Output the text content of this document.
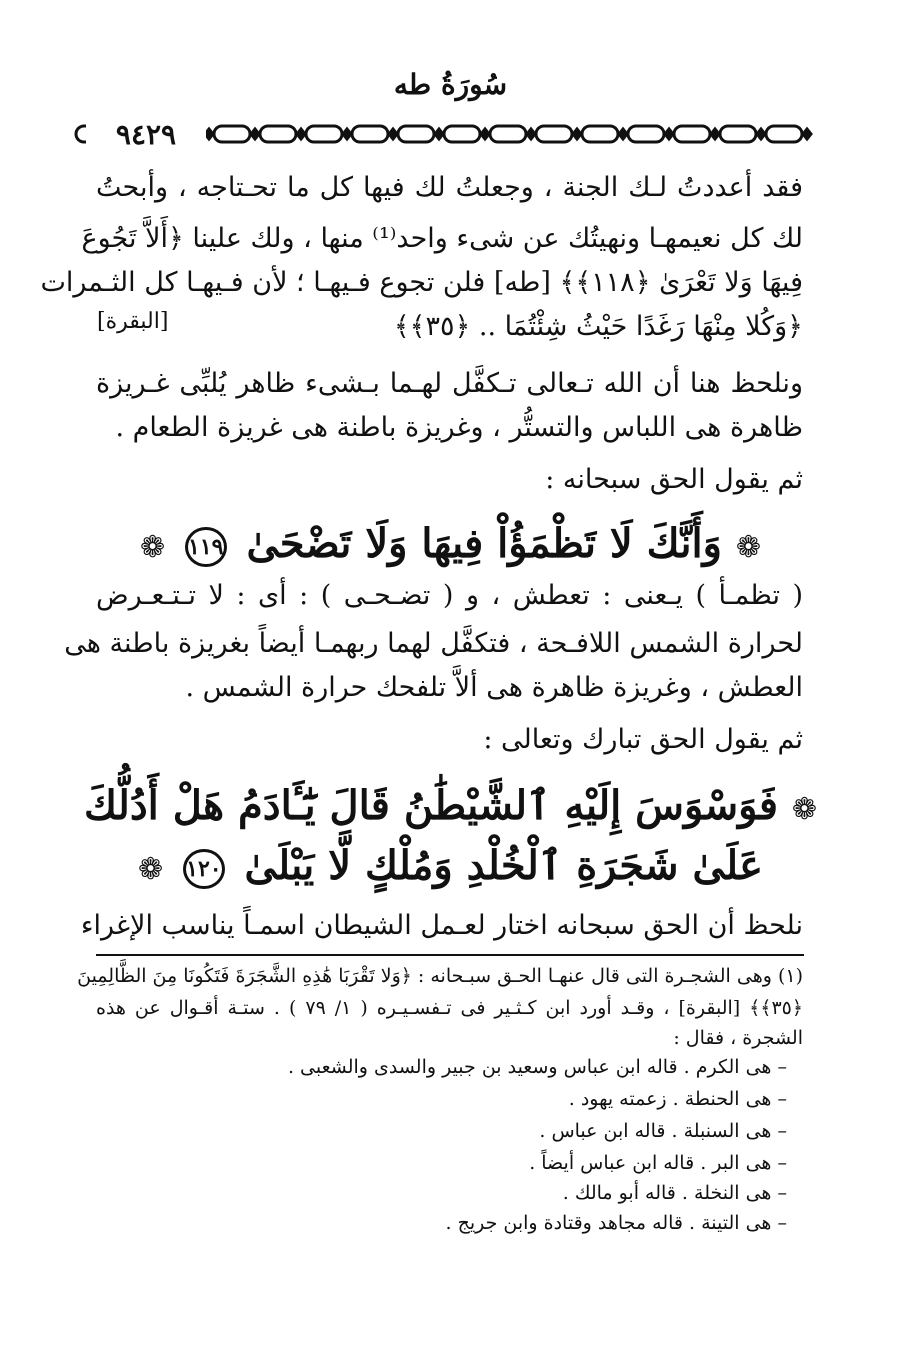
سُورَةُ طه
٩٤٢٩
فقد أعددتُ لـك الجنة ، وجعلتُ لك فيها كل ما تحـتاجه ، وأبحتُ
لك كل نعيمهـا ونهيتُك عن شىء واحد⁽¹⁾ منها ، ولك علينا ﴿أَلاَّ تَجُوعَ
فِيهَا وَلا تَعْرَىٰ ﴿١١٨﴾﴾ [طه] فلن تجوع فـيهـا ؛ لأن فـيهـا كل الثـمرات
﴿وَكُلا مِنْهَا رَغَدًا حَيْثُ شِئْتُمَا .. ﴿٣٥﴾﴾
[البقرة]
ونلحظ هنا أن الله تـعالى تـكفَّل لهـما بـشىء ظاهر يُلبِّى غـريزة
ظاهرة هى اللباس والتستُّر ، وغريزة باطنة هى غريزة الطعام .
ثم يقول الحق سبحانه :
❁ وَأَنَّكَ لَا تَظْمَؤُاْ فِيهَا وَلَا تَضْحَىٰ ١١٩ ❁
( تظمـأ ) يـعنى : تعطش ، و ( تضـحـى ) : أى : لا تـتـعـرض
لحرارة الشمس اللافـحة ، فتكفَّل لهما ربهمـا أيضاً بغريزة باطنة هى
العطش ، وغريزة ظاهرة هى ألاَّ تلفحك حرارة الشمس .
ثم يقول الحق تبارك وتعالى :
❁ فَوَسْوَسَ إِلَيْهِ ٱلشَّيْطَٰنُ قَالَ يَٰٓـَٔادَمُ هَلْ أَدُلُّكَ
عَلَىٰ شَجَرَةِ ٱلْخُلْدِ وَمُلْكٍ لَّا يَبْلَىٰ ١٢٠ ❁
نلحظ أن الحق سبحانه اختار لعـمل الشيطان اسمـاً يناسب الإغراء
(١) وهى الشجـرة التى قال عنهـا الحـق سبـحانه : ﴿وَلا تَقْرَبَا هَٰذِهِ الشَّجَرَةَ فَتَكُونَا مِنَ الظَّالِمِينَ
﴿٣٥﴾﴾ [البقرة] ، وقـد أورد ابن كـثـير فى تـفسـيـره ( ١/ ٧٩ ) . ستـة أقـوال عن هذه
الشجرة ، فقال :
– هى الكرم . قاله ابن عباس وسعيد بن جبير والسدى والشعبى .
– هى الحنطة . زعمته يهود .
– هى السنبلة . قاله ابن عباس .
– هى البر . قاله ابن عباس أيضاً .
– هى النخلة . قاله أبو مالك .
– هى التينة . قاله مجاهد وقتادة وابن جريج .
